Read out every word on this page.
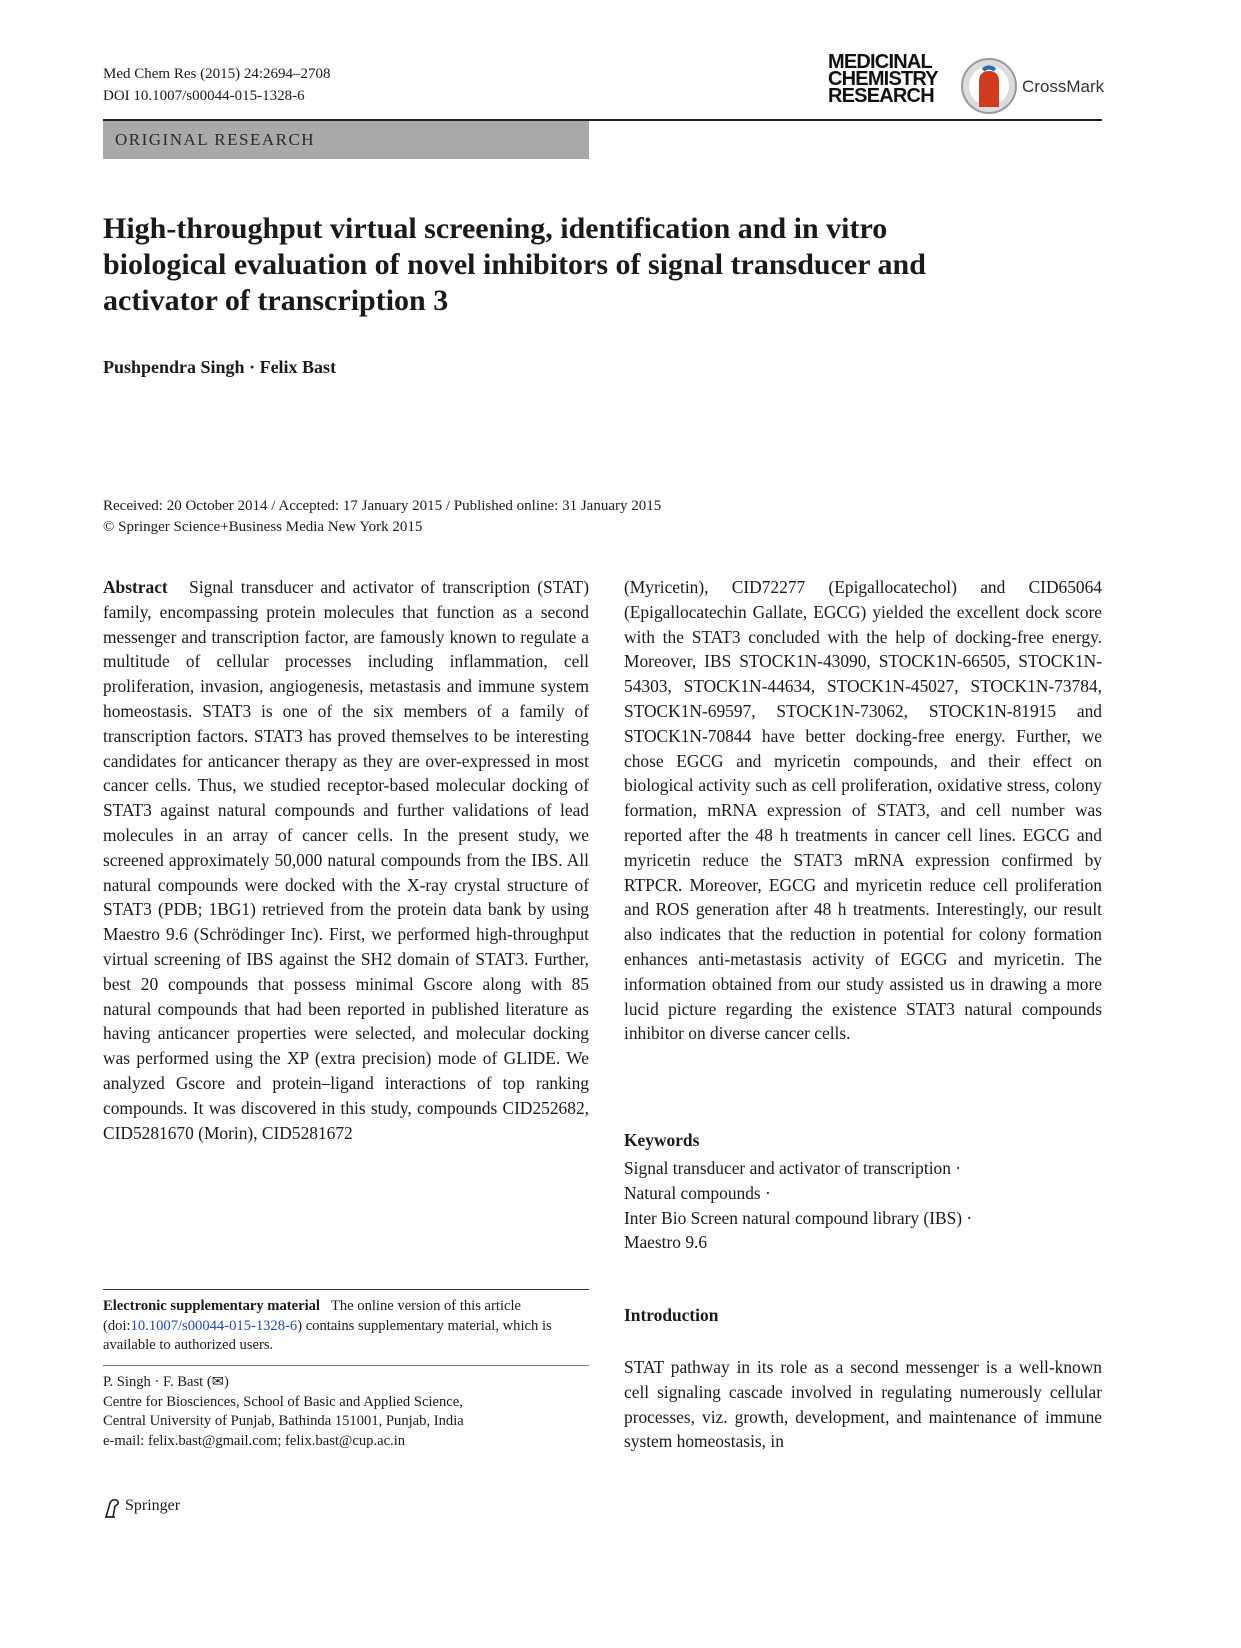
Med Chem Res (2015) 24:2694–2708
DOI 10.1007/s00044-015-1328-6
MEDICINAL
CHEMISTRY
RESEARCH	CrossMark
ORIGINAL RESEARCH
High-throughput virtual screening, identification and in vitro biological evaluation of novel inhibitors of signal transducer and activator of transcription 3
Pushpendra Singh · Felix Bast
Received: 20 October 2014 / Accepted: 17 January 2015 / Published online: 31 January 2015
© Springer Science+Business Media New York 2015

Abstract Signal transducer and activator of transcription (STAT) family, encompassing protein molecules that function as a second messenger and transcription factor, are famously known to regulate a multitude of cellular processes including inflammation, cell proliferation, invasion, angiogenesis, metastasis and immune system homeostasis. STAT3 is one of the six members of a family of transcription factors. STAT3 has proved themselves to be interesting candidates for anticancer therapy as they are over-expressed in most cancer cells. Thus, we studied receptor-based molecular docking of STAT3 against natural compounds and further validations of lead molecules in an array of cancer cells. In the present study, we screened approximately 50,000 natural compounds from the IBS. All natural compounds were docked with the X-ray crystal structure of STAT3 (PDB; 1BG1) retrieved from the protein data bank by using Maestro 9.6 (Schrödinger Inc). First, we performed high-throughput virtual screening of IBS against the SH2 domain of STAT3. Further, best 20 compounds that possess minimal Gscore along with 85 natural compounds that had been reported in published literature as having anticancer properties were selected, and molecular docking was performed using the XP (extra precision) mode of GLIDE. We analyzed Gscore and protein–ligand interactions of top ranking compounds. It was discovered in this study, compounds CID252682, CID5281670 (Morin), CID5281672

(Myricetin), CID72277 (Epigallocatechol) and CID65064 (Epigallocatechin Gallate, EGCG) yielded the excellent dock score with the STAT3 concluded with the help of docking-free energy. Moreover, IBS STOCK1N-43090, STOCK1N-66505, STOCK1N-54303, STOCK1N-44634, STOCK1N-45027, STOCK1N-73784, STOCK1N-69597, STOCK1N-73062, STOCK1N-81915 and STOCK1N-70844 have better docking-free energy. Further, we chose EGCG and myricetin compounds, and their effect on biological activity such as cell proliferation, oxidative stress, colony formation, mRNA expression of STAT3, and cell number was reported after the 48 h treatments in cancer cell lines. EGCG and myricetin reduce the STAT3 mRNA expression confirmed by RTPCR. Moreover, EGCG and myricetin reduce cell proliferation and ROS generation after 48 h treatments. Interestingly, our result also indicates that the reduction in potential for colony formation enhances anti-metastasis activity of EGCG and myricetin. The information obtained from our study assisted us in drawing a more lucid picture regarding the existence STAT3 natural compounds inhibitor on diverse cancer cells.

Keywords
Signal transducer and activator of transcription ·
Natural compounds ·
Inter Bio Screen natural compound library (IBS) ·
Maestro 9.6
Electronic supplementary material The online version of this article (doi:10.1007/s00044-015-1328-6) contains supplementary material, which is available to authorized users.
P. Singh · F. Bast (✉)
Centre for Biosciences, School of Basic and Applied Science,
Central University of Punjab, Bathinda 151001, Punjab, India
e-mail: felix.bast@gmail.com; felix.bast@cup.ac.in
Introduction

STAT pathway in its role as a second messenger is a well-known cell signaling cascade involved in regulating numerously cellular processes, viz. growth, development, and maintenance of immune system homeostasis, in

Springer
